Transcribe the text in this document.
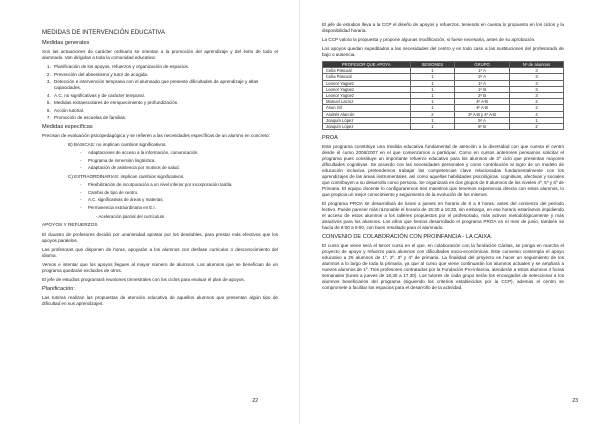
MEDIDAS DE INTERVENCIÓN EDUCATIVA
Medidas generales

Son las actuaciones de carácter ordinario se orientan a la promoción del aprendizaje y del éxito de todo el alumnado. Van dirigidas a toda la comunidad educativa:

1. Planificación de los apoyos, refuerzos y organización de espacios.
2. Prevención del absentismo y tutor de acogida.
3. Detección e intervención temprana con el alumnado que presente dificultades de aprendizaje y altas capacidades.
4. A.C. no significativas y de carácter temporal.
5. Medidas extraescolares de enriquecimiento y profundización.
6. Acción tutorial.
7. Promoción de escuelas de familias.
Medidas específicas

Precisan de evaluación psicopedagógica y se refieren a las necesidades específicas de un alumno en concreto:

B) BÁSICAS: no implican cambios significativos.
- Adaptaciones de acceso a la información, comunicación.
- Programa de inmersión lingüística.
- Adaptación de asistencia por motivos de salud.
C) EXTRAORDINARIAS: implican cambios significativos.
- Flexibilización de incorporación a un nivel inferior por incorporación tardía.
- Cambio de tipo de centro.
- A.C. significativas de áreas y materias.
- Permanencia extraordinaria en E.I.
- Aceleración parcial del currículum.
APOYOS Y REFUERZOS

El claustro de profesores decidió por unanimidad apostar por los desdobles, para prestar más efectivos que los apoyos paralelos.

Las profesoras que disponen de horas, apoyarán a los alumnos con desfase curricular o desconocimiento del idioma.

Vemos e intentar que los apoyos lleguen al mayor número de alumnos. Los alumnos que se benefician de un programa quedarán excluidos de otros.

El jefe de estudios programará reuniones trimestrales con los ciclos para evaluar el plan de apoyos.

Planificación:

Las tutoras realizan las propuestas de atención educativa de aquellos alumnos que presentan algún tipo de dificultad en sus aprendizajes.

22

El jefe de estudios lleva a la CCP el diseño de apoyos y refuerzos, teniendo en cuenta lo propuesto en los ciclos y la disponibilidad horaria.

La CCP valora la propuesta y propone algunas modificación, si fuese necesaria, antes de su aprobación.

Los apoyos quedan supeditados a las necesidades del centro y en todo caso a las sustituciones del profesorado de bajo o ausencia.

PROFESOR QUE APOYA	SESIONES	GRUPO	Nº de alumnos
Celia Pascual	1	1º A	3
Celia Pascual	1	2º A	3
Leonor Yagüez	1	1º A	3
Leonor Yagüez	1	1º B	3
Leonor Yagüez	1	2º B	3
Manuel Lacruz	1	4º A-B	2
Asun Gil	1	4º A-B	2
Andrés Alarcón	2	3º A-B y 4º A-B	4
Joaquín López	1	5º A	1
Joaquín López	1	6º B	2
PROA

Este programa constituye una medida educativa fundamental de atención a la diversidad con que cuenta el centro desde el curso 2006/2007 en el que comenzamos a participar. Como en cursos anteriores pensamos solicitar el programa pues constituye un importante refuerzo educativo para los alumnos de 3º ciclo que presentan mayores dificultades cognitivas. Se acuerdo con las necesidades personales y como contribución al logro de un modelo de educación inclusiva pretendemos trabajar las competencias clave relacionadas fundamentalmente con los aprendizajes de las áreas instrumentales, así como aquellas habilidades psicológicas, cognitivas, afectivas y sociales que contribuyen a su desarrollo como persona. Se organizará en dos grupos de 8 alumnos de los niveles 4º, 5º y 6º de Primaria. El equipo docente lo configuraremos tres maestros que tenemos experiencia directa con estos alumnos, lo que propicia un mejor conocimiento y seguimiento de la evolución de los mismos.

El programa PROA se desarrollará de lunes a jueves en horario de 8 a 9 horas, antes del comienzo del período lectivo. Puede parecer más razonable el horario de 15:30 a 16:30, sin embargo, en ese horario estaríamos impidiendo el acceso de estos alumnos a los talleres propuestos por el profesorado, más activos metodológicamente y más atractivos para los alumnos. Los años que hemos desarrollado el programa PROA en el mes de junio, también se hacía de 8:00 a 9:00, con buen resultado para el alumnado.

CONVENIO DE COLABORACIÓN CON PROINFANCIA - LA CAIXA.

El curso que viene será el tercer curso en el que, en colaboración con la fundación Cáritas, se ponga en marcha el proyecto de apoyo y refuerzo para alumnos con dificultades socio-económicas. Este convenio contempla el apoyo educativo a 25 alumnos de 1º, 2º, 3º y 4º de primaria. La finalidad del proyecto es hacer un seguimiento de los alumnos a lo largo de toda la primaria, ya que al curso que viene continuarán los alumnos actuales y se ampliará a nuevos alumnos de 1º. Tres profesores contratados por la Fundación Pro-infancia, atenderán a estos alumnos 4 horas semanales (lunes a jueves de 16,30 a 17,30). Los tutores de cada grupo serán los encargados de seleccionar a los alumnos beneficiarios del programa (siguiendo los criterios establecidos por la CCP), además el centro se compromete a facilitar los espacios para el desarrollo de la actividad.

23
